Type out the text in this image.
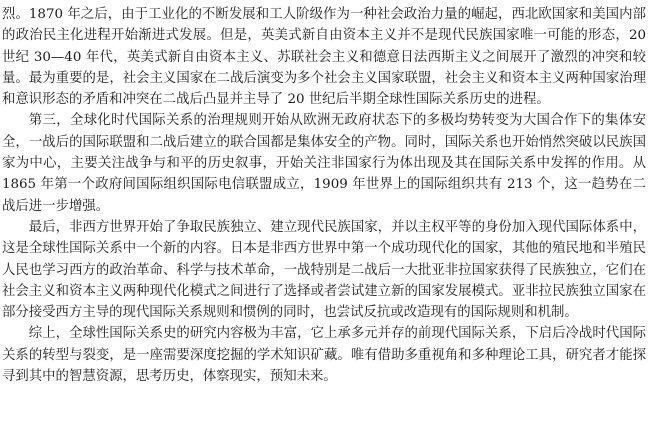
烈。1870 年之后，由于工业化的不断发展和工人阶级作为一种社会政治力量的崛起，西北欧国家和美国内部的政治民主化进程开始渐进式发展。但是，英美式新自由资本主义并不是现代民族国家唯一可能的形态，20 世纪 30—40 年代，英美式新自由资本主义、苏联社会主义和德意日法西斯主义之间展开了激烈的冲突和较量。最为重要的是，社会主义国家在二战后演变为多个社会主义国家联盟，社会主义和资本主义两种国家治理和意识形态的矛盾和冲突在二战后凸显并主导了 20 世纪后半期全球性国际关系历史的进程。

第三，全球化时代国际关系的治理规则开始从欧洲无政府状态下的多极均势转变为大国合作下的集体安全，一战后的国际联盟和二战后建立的联合国都是集体安全的产物。同时，国际关系也开始悄然突破以民族国家为中心，主要关注战争与和平的历史叙事，开始关注非国家行为体出现及其在国际关系中发挥的作用。从 1865 年第一个政府间国际组织国际电信联盟成立，1909 年世界上的国际组织共有 213 个，这一趋势在二战后进一步增强。

最后，非西方世界开始了争取民族独立、建立现代民族国家，并以主权平等的身份加入现代国际体系中，这是全球性国际关系中一个新的内容。日本是非西方世界中第一个成功现代化的国家，其他的殖民地和半殖民人民也学习西方的政治革命、科学与技术革命，一战特别是二战后一大批亚非拉国家获得了民族独立，它们在社会主义和资本主义两种现代化模式之间进行了选择或者尝试建立新的国家发展模式。亚非拉民族独立国家在部分接受西方主导的现代国际关系规则和惯例的同时，也尝试反抗或改造现有的国际规则和机制。

综上，全球性国际关系史的研究内容极为丰富，它上承多元并存的前现代国际关系，下启后冷战时代国际关系的转型与裂变，是一座需要深度挖掘的学术知识矿藏。唯有借助多重视角和多种理论工具，研究者才能探寻到其中的智慧资源，思考历史，体察现实，预知未来。
